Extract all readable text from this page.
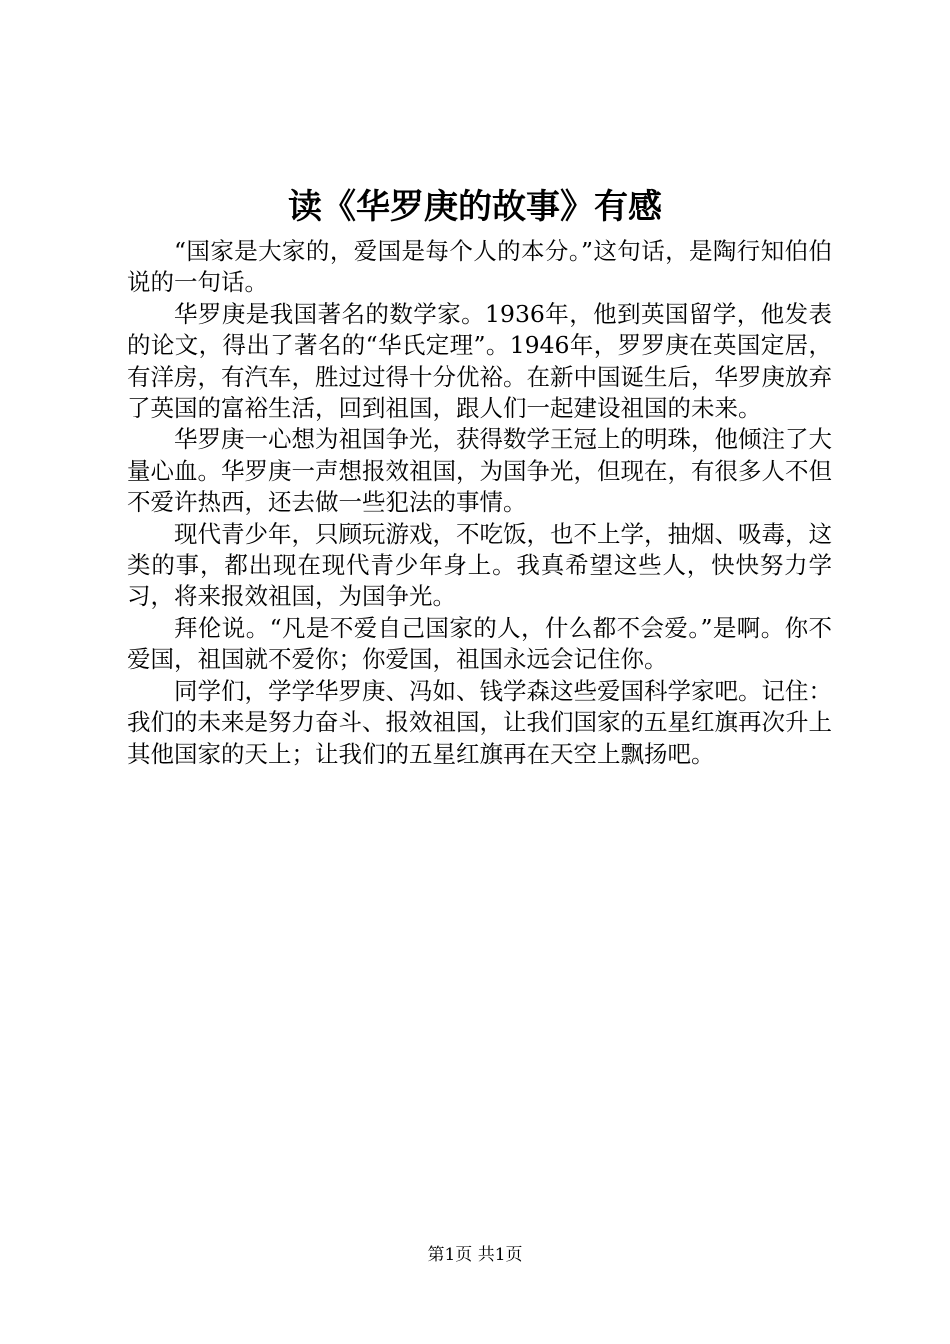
读《华罗庚的故事》有感

“国家是大家的，爱国是每个人的本分。”这句话，是陶行知伯伯说的一句话。

华罗庚是我国著名的数学家。1936年，他到英国留学，他发表的论文，得出了著名的“华氏定理”。1946年，罗罗庚在英国定居，有洋房，有汽车，胜过过得十分优裕。在新中国诞生后，华罗庚放弃了英国的富裕生活，回到祖国，跟人们一起建设祖国的未来。

华罗庚一心想为祖国争光，获得数学王冠上的明珠，他倾注了大量心血。华罗庚一声想报效祖国，为国争光，但现在，有很多人不但不爱许热西，还去做一些犯法的事情。

现代青少年，只顾玩游戏，不吃饭，也不上学，抽烟、吸毒，这类的事，都出现在现代青少年身上。我真希望这些人，快快努力学习，将来报效祖国，为国争光。

拜伦说。“凡是不爱自己国家的人，什么都不会爱。”是啊。你不爱国，祖国就不爱你；你爱国，祖国永远会记住你。

同学们，学学华罗庚、冯如、钱学森这些爱国科学家吧。记住：我们的未来是努力奋斗、报效祖国，让我们国家的五星红旗再次升上其他国家的天上；让我们的五星红旗再在天空上飘扬吧。

第1页 共1页
